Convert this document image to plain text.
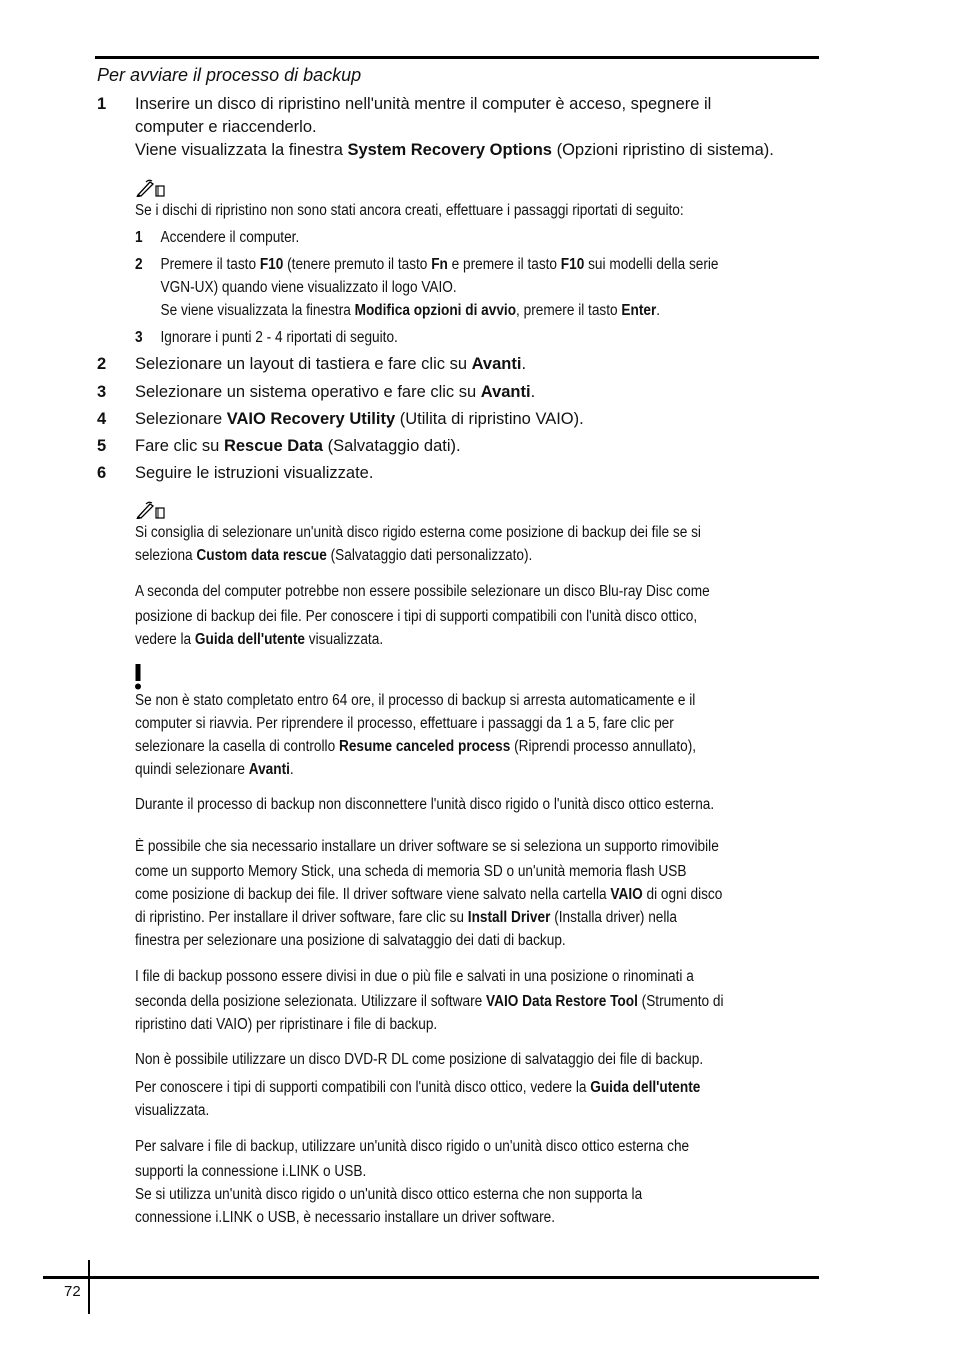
Per avviare il processo di backup
1 Inserire un disco di ripristino nell'unità mentre il computer è acceso, spegnere il
computer e riaccenderlo.
Viene visualizzata la finestra System Recovery Options (Opzioni ripristino di sistema).
Se i dischi di ripristino non sono stati ancora creati, effettuare i passaggi riportati di seguito:
1 Accendere il computer.
2 Premere il tasto F10 (tenere premuto il tasto Fn e premere il tasto F10 sui modelli della serie
VGN-UX) quando viene visualizzato il logo VAIO.
Se viene visualizzata la finestra Modifica opzioni di avvio, premere il tasto Enter.
3 Ignorare i punti 2 - 4 riportati di seguito.
2 Selezionare un layout di tastiera e fare clic su Avanti.
3 Selezionare un sistema operativo e fare clic su Avanti.
4 Selezionare VAIO Recovery Utility (Utilita di ripristino VAIO).
5 Fare clic su Rescue Data (Salvataggio dati).
6 Seguire le istruzioni visualizzate.
Si consiglia di selezionare un'unità disco rigido esterna come posizione di backup dei file se si
seleziona Custom data rescue (Salvataggio dati personalizzato).
A seconda del computer potrebbe non essere possibile selezionare un disco Blu-ray Disc come
posizione di backup dei file. Per conoscere i tipi di supporti compatibili con l'unità disco ottico,
vedere la Guida dell'utente visualizzata.
Se non è stato completato entro 64 ore, il processo di backup si arresta automaticamente e il
computer si riavvia. Per riprendere il processo, effettuare i passaggi da 1 a 5, fare clic per
selezionare la casella di controllo Resume canceled process (Riprendi processo annullato),
quindi selezionare Avanti.
Durante il processo di backup non disconnettere l'unità disco rigido o l'unità disco ottico esterna.
È possibile che sia necessario installare un driver software se si seleziona un supporto rimovibile
come un supporto Memory Stick, una scheda di memoria SD o un'unità memoria flash USB
come posizione di backup dei file. Il driver software viene salvato nella cartella VAIO di ogni disco
di ripristino. Per installare il driver software, fare clic su Install Driver (Installa driver) nella
finestra per selezionare una posizione di salvataggio dei dati di backup.
I file di backup possono essere divisi in due o più file e salvati in una posizione o rinominati a
seconda della posizione selezionata. Utilizzare il software VAIO Data Restore Tool (Strumento di
ripristino dati VAIO) per ripristinare i file di backup.
Non è possibile utilizzare un disco DVD-R DL come posizione di salvataggio dei file di backup.
Per conoscere i tipi di supporti compatibili con l'unità disco ottico, vedere la Guida dell'utente
visualizzata.
Per salvare i file di backup, utilizzare un'unità disco rigido o un'unità disco ottico esterna che
supporti la connessione i.LINK o USB.
Se si utilizza un'unità disco rigido o un'unità disco ottico esterna che non supporta la
connessione i.LINK o USB, è necessario installare un driver software.
72
